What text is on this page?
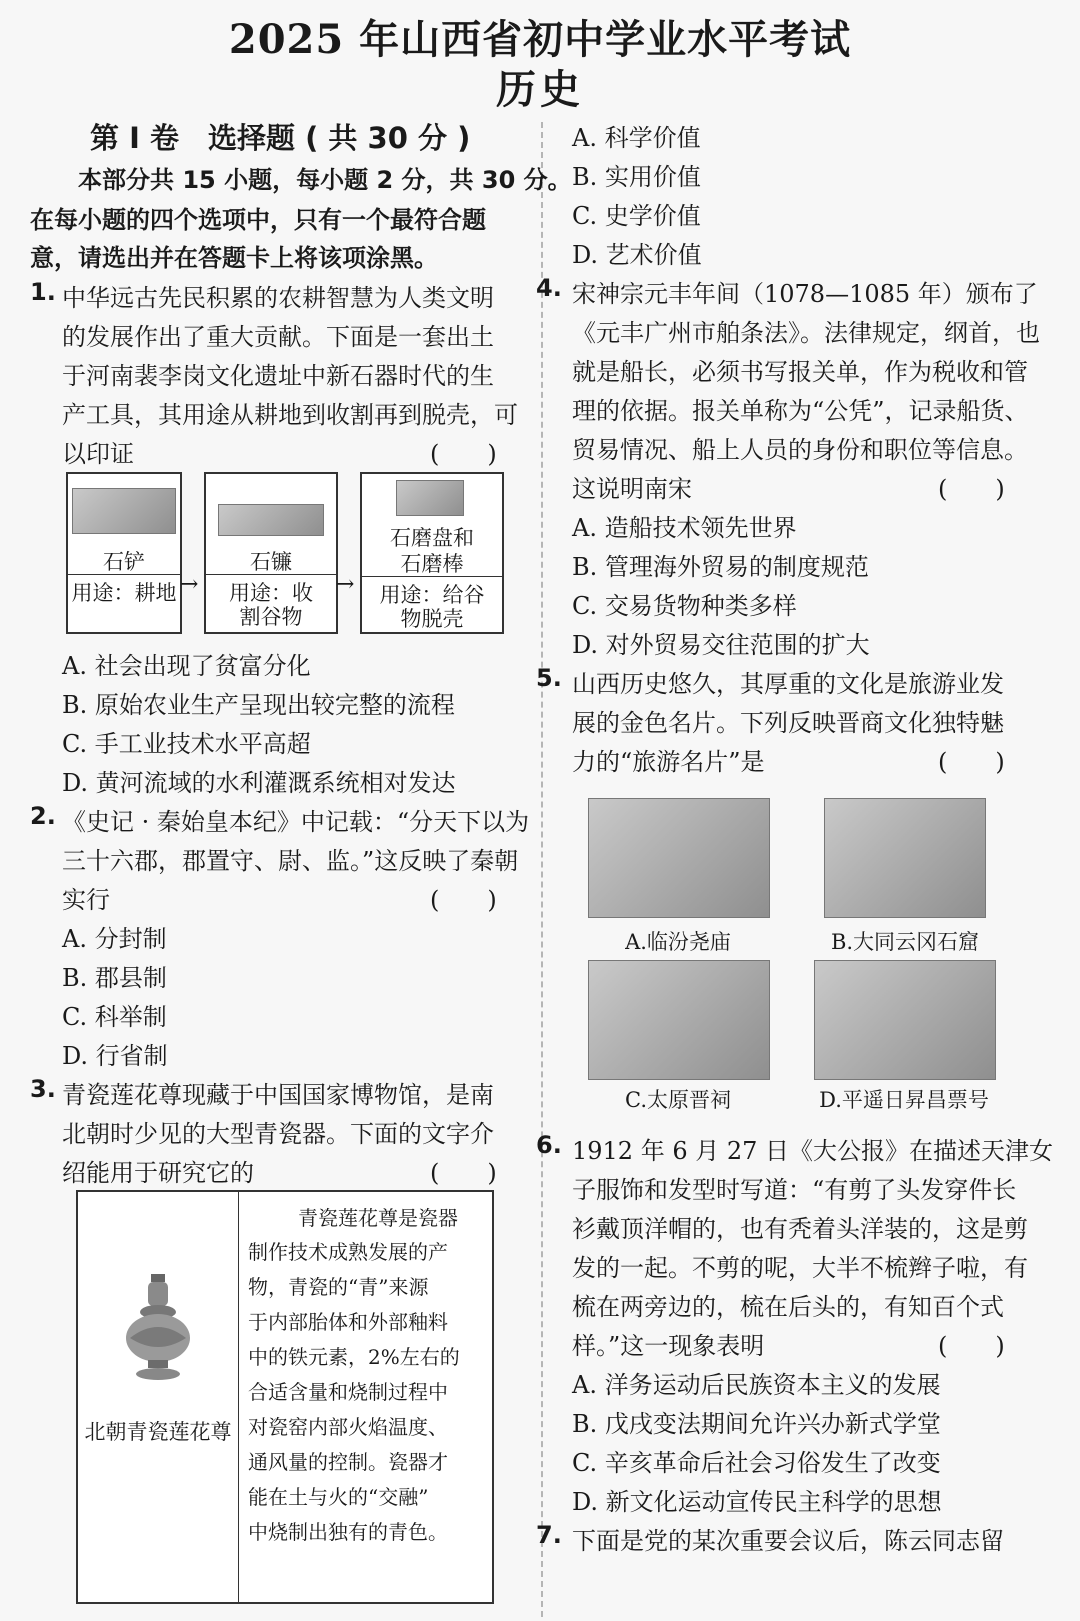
2025 年山西省初中学业水平考试
历史
第 Ⅰ 卷　选择题 ( 共 30 分 )
本部分共 15 小题，每小题 2 分，共 30 分。
在每小题的四个选项中，只有一个最符合题
意，请选出并在答题卡上将该项涂黑。
1. 中华远古先民积累的农耕智慧为人类文明
的发展作出了重大贡献。下面是一套出土
于河南裴李岗文化遗址中新石器时代的生
产工具，其用途从耕地到收割再到脱壳，可
以印证	(　　)
石铲
用途：耕地 →
石镰
用途：收
割谷物
→
石磨盘和
石磨棒
用途：给谷
物脱壳
A. 社会出现了贫富分化
B. 原始农业生产呈现出较完整的流程
C. 手工业技术水平高超
D. 黄河流域的水利灌溉系统相对发达
2. 《史记 · 秦始皇本纪》中记载：“分天下以为
三十六郡，郡置守、尉、监。”这反映了秦朝
实行	(　　)
A. 分封制
B. 郡县制
C. 科举制
D. 行省制
3. 青瓷莲花尊现藏于中国国家博物馆，是南
北朝时少见的大型青瓷器。下面的文字介
绍能用于研究它的	(　　)
北朝青瓷莲花尊
青瓷莲花尊是瓷器
制作技术成熟发展的产
物，青瓷的“青”来源
于内部胎体和外部釉料
中的铁元素，2%左右的
合适含量和烧制过程中
对瓷窑内部火焰温度、
通风量的控制。瓷器才
能在土与火的“交融”
中烧制出独有的青色。
A. 科学价值
B. 实用价值
C. 史学价值
D. 艺术价值
4. 宋神宗元丰年间（1078—1085 年）颁布了
《元丰广州市舶条法》。法律规定，纲首，也
就是船长，必须书写报关单，作为税收和管
理的依据。报关单称为“公凭”，记录船货、
贸易情况、船上人员的身份和职位等信息。
这说明南宋	(　　)
A. 造船技术领先世界
B. 管理海外贸易的制度规范
C. 交易货物种类多样
D. 对外贸易交往范围的扩大
5. 山西历史悠久，其厚重的文化是旅游业发
展的金色名片。下列反映晋商文化独特魅
力的“旅游名片”是	(　　)
A.临汾尧庙	B.大同云冈石窟
C.太原晋祠	D.平遥日昇昌票号
6. 1912 年 6 月 27 日《大公报》在描述天津女
子服饰和发型时写道：“有剪了头发穿件长
衫戴顶洋帽的，也有秃着头洋装的，这是剪
发的一起。不剪的呢，大半不梳辫子啦，有
梳在两旁边的，梳在后头的，有知百个式
样。”这一现象表明	(　　)
A. 洋务运动后民族资本主义的发展
B. 戊戌变法期间允许兴办新式学堂
C. 辛亥革命后社会习俗发生了改变
D. 新文化运动宣传民主科学的思想
7. 下面是党的某次重要会议后，陈云同志留
